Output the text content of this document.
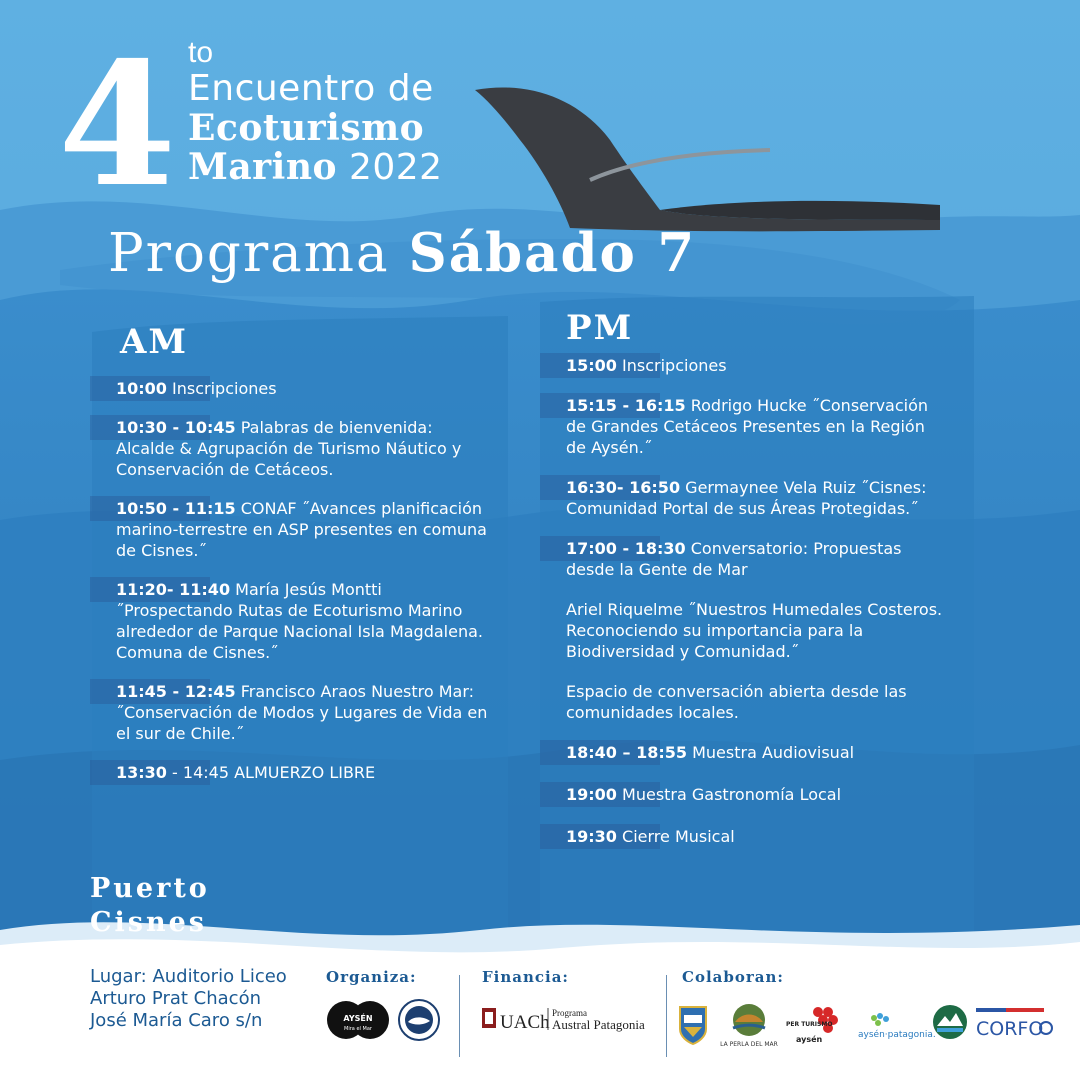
4 to
Encuentro de
Ecoturismo
Marino 2022
Programa Sábado 7
AM
10:00 Inscripciones
10:30 - 10:45 Palabras de bienvenida: Alcalde & Agrupación de Turismo Náutico y Conservación de Cetáceos.
10:50 - 11:15 CONAF ˝Avances planificación marino-terrestre en ASP presentes en comuna de Cisnes.˝
11:20- 11:40 María Jesús Montti ˝Prospectando Rutas de Ecoturismo Marino alrededor de Parque Nacional Isla Magdalena. Comuna de Cisnes.˝
11:45 - 12:45 Francisco Araos Nuestro Mar: ˝Conservación de Modos y Lugares de Vida en el sur de Chile.˝
13:30 - 14:45 ALMUERZO LIBRE
PM
15:00 Inscripciones
15:15 - 16:15 Rodrigo Hucke ˝Conservación de Grandes Cetáceos Presentes en la Región de Aysén.˝
16:30- 16:50 Germaynee Vela Ruiz ˝Cisnes: Comunidad Portal de sus Áreas Protegidas.˝
17:00 - 18:30 Conversatorio: Propuestas desde la Gente de Mar
Ariel Riquelme ˝Nuestros Humedales Costeros. Reconociendo su importancia para la Biodiversidad y Comunidad.˝
Espacio de conversación abierta desde las comunidades locales.
18:40 – 18:55 Muestra Audiovisual
19:00 Muestra Gastronomía Local
19:30 Cierre Musical
Puerto
Cisnes
Lugar: Auditorio Liceo
Arturo Prat Chacón
José María Caro s/n
Organiza:	Financia:	Colaboran:
AYSÉN
Mira el Mar	UACh Programa
Austral Patagonia
LA PERLA DEL MAR
PER TURISMO
aysén	aysén·patagonia. CORFO
